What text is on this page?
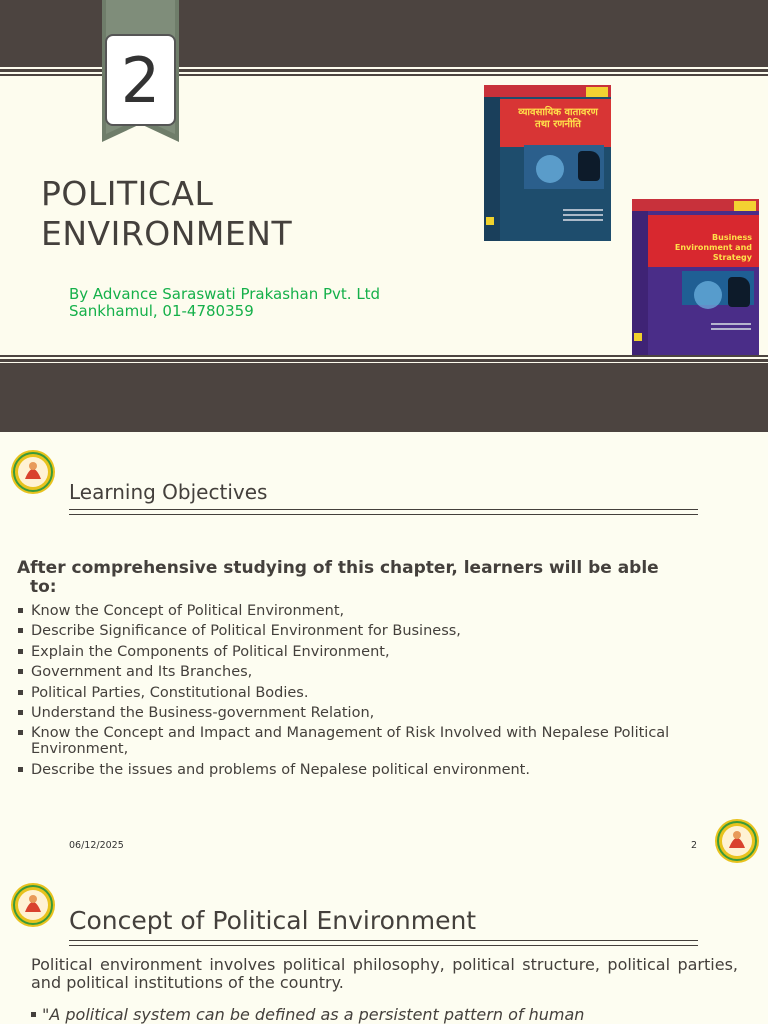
2
POLITICAL
ENVIRONMENT
By Advance Saraswati Prakashan Pvt. Ltd
Sankhamul, 01-4780359
व्यावसायिक वातावरण तथा रणनीति
Business Environment and Strategy
Learning Objectives
After comprehensive studying of this chapter, learners will be able
to:
Know the Concept of Political Environment,
Describe Significance of Political Environment for Business,
Explain the Components of Political Environment,
Government and Its Branches,
Political Parties, Constitutional Bodies.
Understand the Business-government Relation,
Know the Concept and Impact and Management of Risk Involved with Nepalese Political Environment,
Describe the issues and problems of Nepalese political environment.
06/12/2025	2
Concept of Political Environment
Political environment involves political philosophy, political structure, political parties, and political institutions of the country.
"A political system can be defined as a persistent pattern of human
